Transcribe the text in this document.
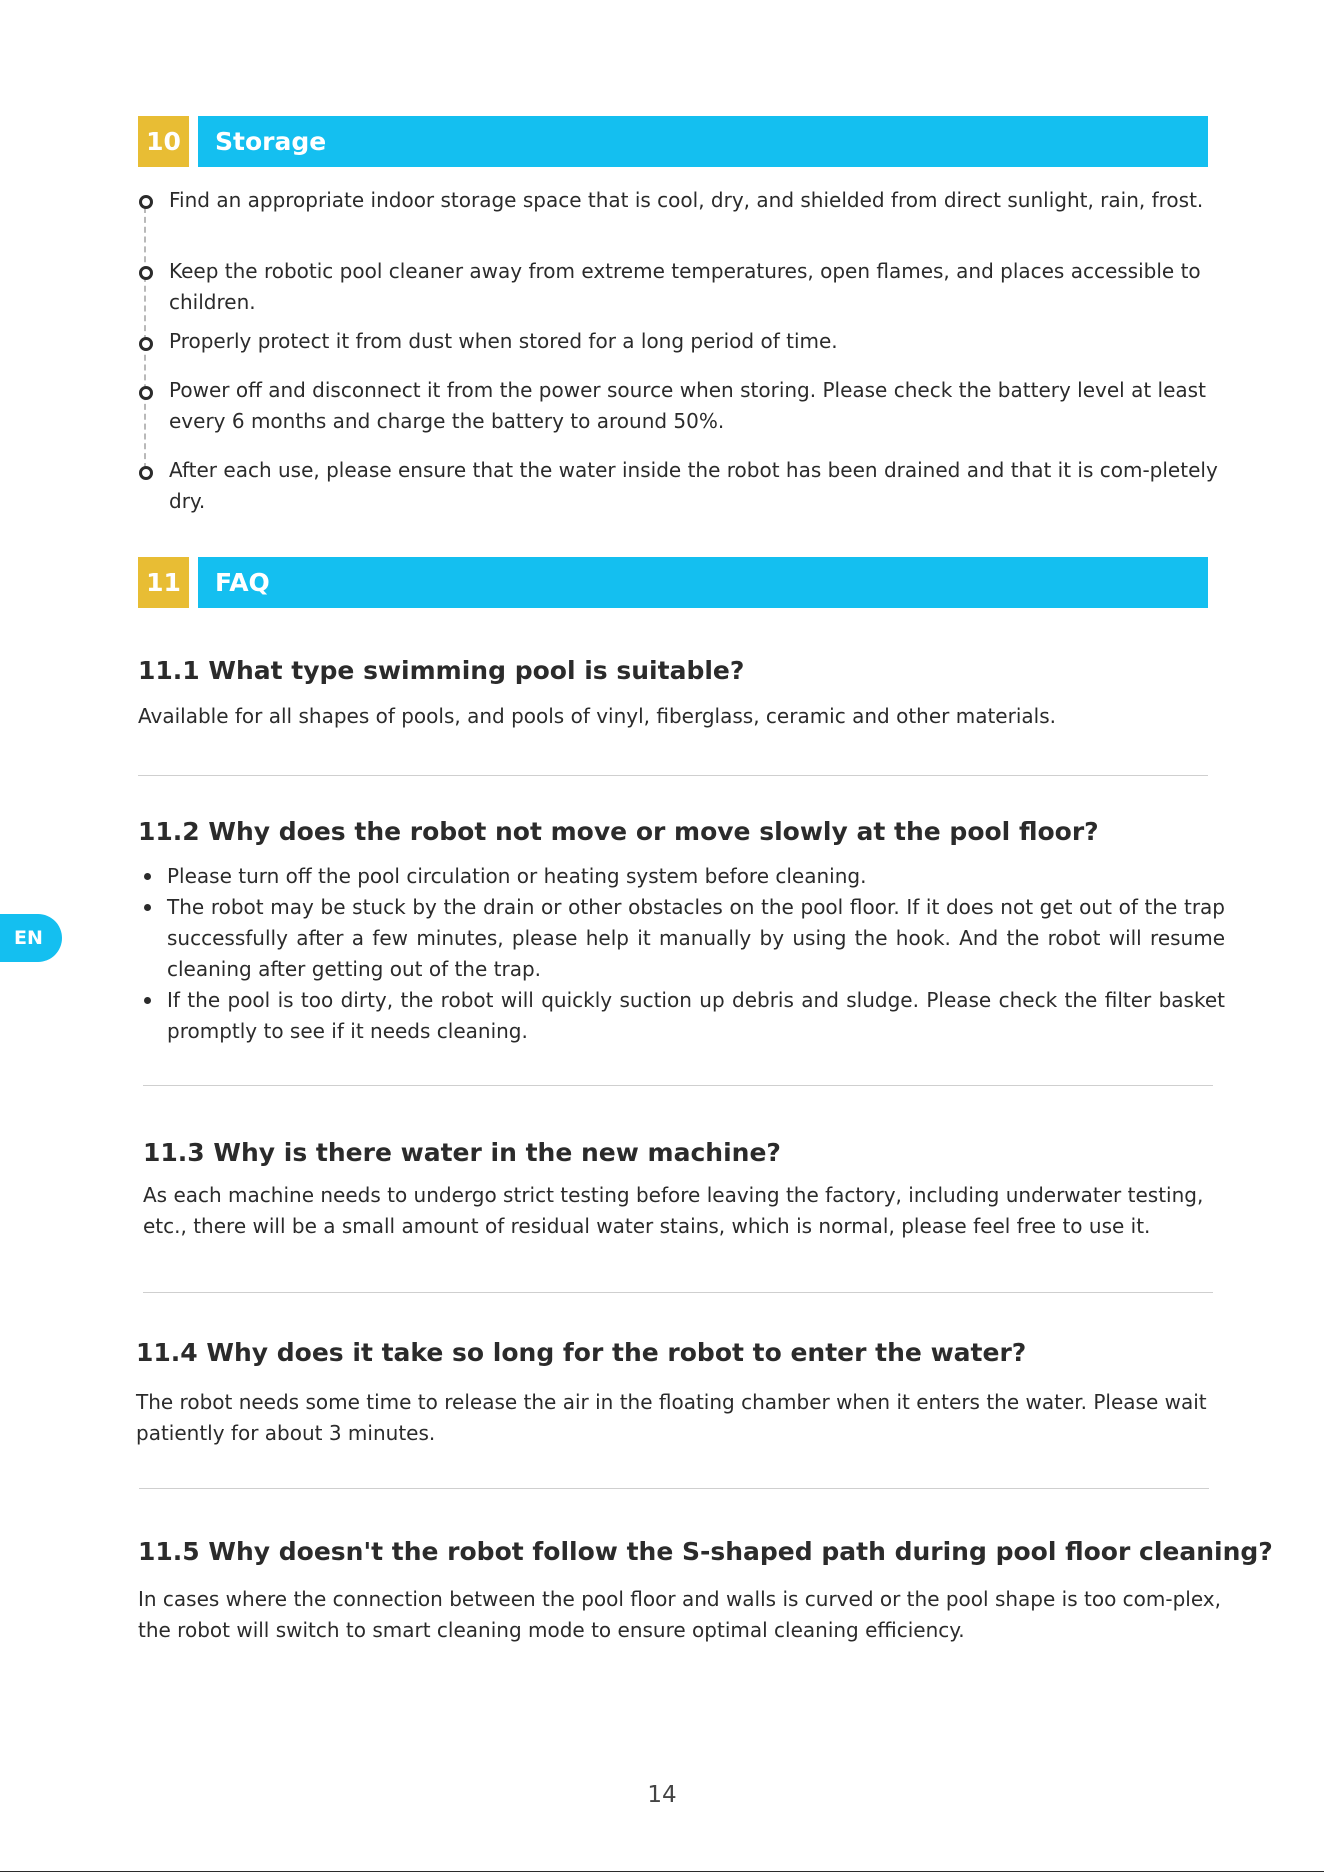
10	Storage
Find an appropriate indoor storage space that is cool, dry, and shielded from direct sunlight, rain, frost.
Keep the robotic pool cleaner away from extreme temperatures, open flames, and places accessible to children.
Properly protect it from dust when stored for a long period of time.
Power off and disconnect it from the power source when storing. Please check the battery level at least every 6 months and charge the battery to around 50%.
After each use, please ensure that the water inside the robot has been drained and that it is com-pletely dry.
11	FAQ
11.1 What type swimming pool is suitable?
Available for all shapes of pools, and pools of vinyl, fiberglass, ceramic and other materials.
11.2 Why does the robot not move or move slowly at the pool floor?
Please turn off the pool circulation or heating system before cleaning.
The robot may be stuck by the drain or other obstacles on the pool floor. If it does not get out of the trap successfully after a few minutes, please help it manually by using the hook. And the robot will resume cleaning after getting out of the trap.
If the pool is too dirty, the robot will quickly suction up debris and sludge. Please check the filter basket promptly to see if it needs cleaning.
11.3 Why is there water in the new machine?
As each machine needs to undergo strict testing before leaving the factory, including underwater testing, etc., there will be a small amount of residual water stains, which is normal, please feel free to use it.
11.4 Why does it take so long for the robot to enter the water?
The robot needs some time to release the air in the floating chamber when it enters the water. Please wait patiently for about 3 minutes.
11.5 Why doesn't the robot follow the S-shaped path during pool floor cleaning?
In cases where the connection between the pool floor and walls is curved or the pool shape is too com-plex, the robot will switch to smart cleaning mode to ensure optimal cleaning efficiency.
EN
14
